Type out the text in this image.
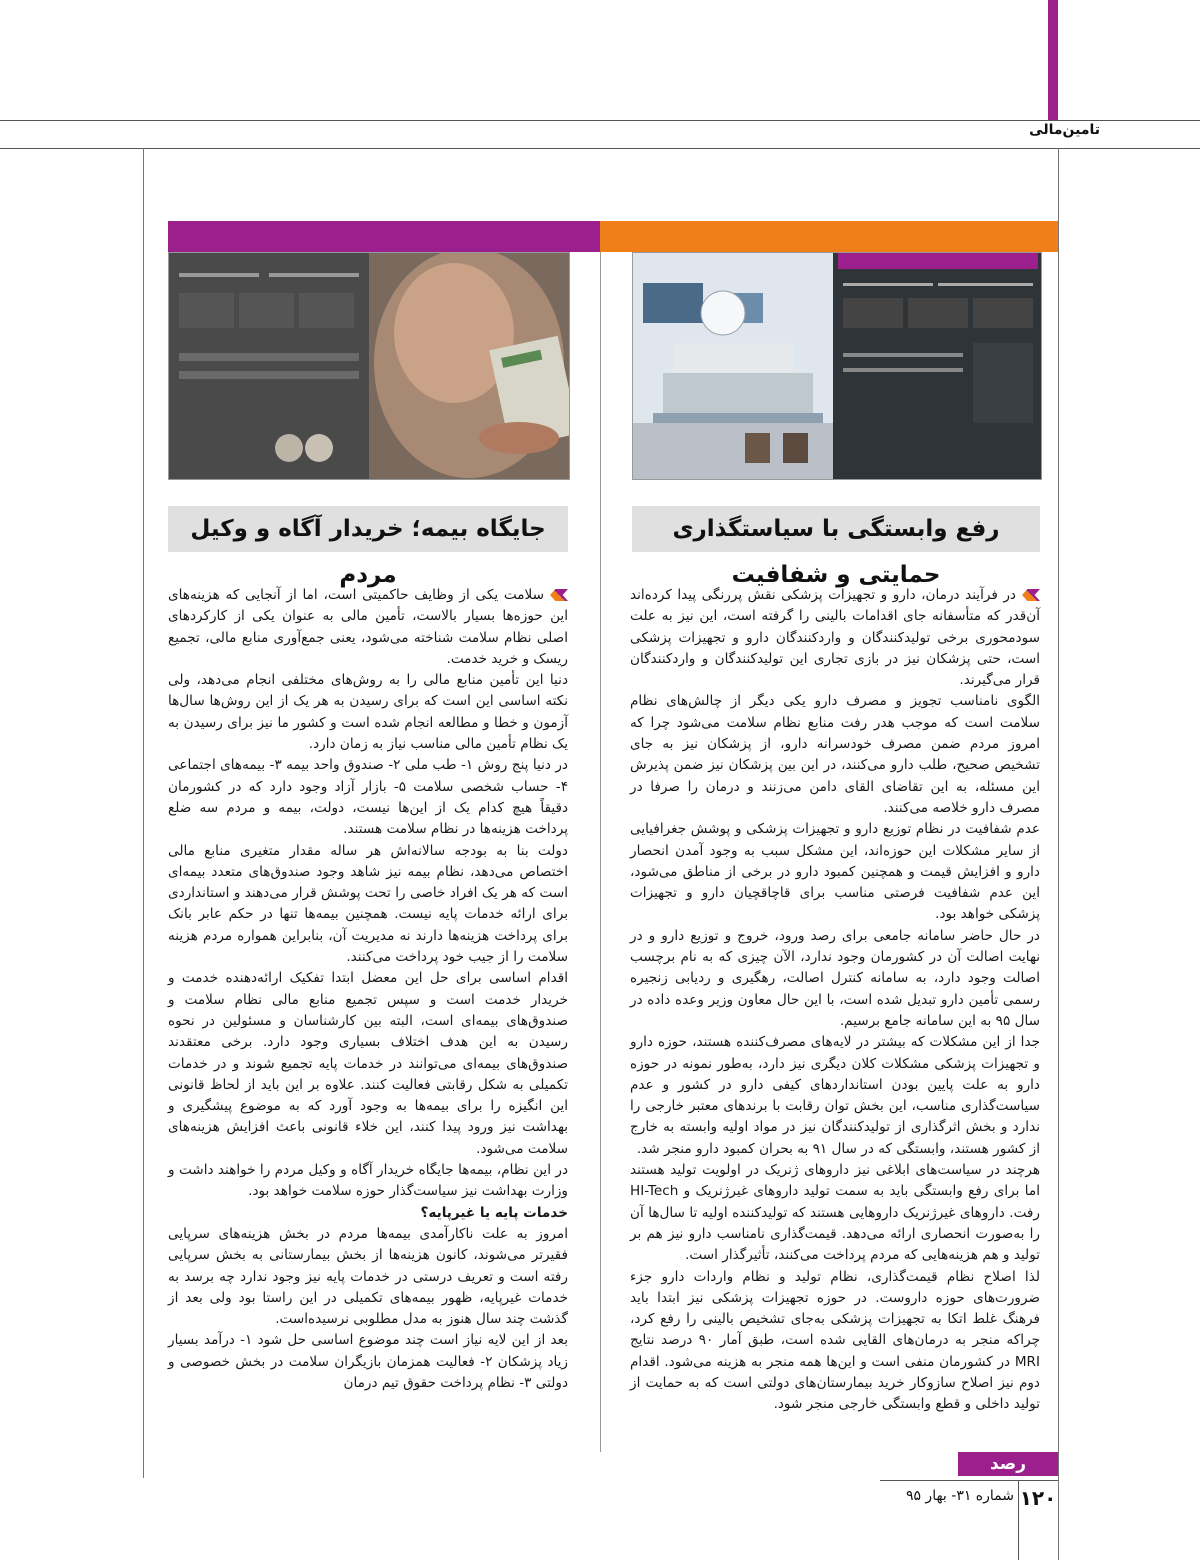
تامین‌مالی
رفع وابستگی با سیاستگذاری حمایتی و شفافیت
جایگاه بیمه؛ خریدار آگاه و وکیل مردم

در فرآیند درمان، دارو و تجهیزات پزشکی نقش پررنگی پیدا کرده‌اند آن‌قدر که متأسفانه جای اقدامات بالینی را گرفته است، این نیز به علت سودمحوری برخی تولیدکنندگان و واردکنندگان دارو و تجهیزات پزشکی است، حتی پزشکان نیز در بازی تجاری این تولیدکنندگان و واردکنندگان قرار می‌گیرند.

الگوی نامناسب تجویز و مصرف دارو یکی دیگر از چالش‌های نظام سلامت است که موجب هدر رفت منابع نظام سلامت می‌شود چرا که امروز مردم ضمن مصرف خودسرانه دارو، از پزشکان نیز به جای تشخیص صحیح، طلب دارو می‌کنند، در این بین پزشکان نیز ضمن پذیرش این مسئله، به این تقاضای القای دامن می‌زنند و درمان را صرفا در مصرف دارو خلاصه می‌کنند.

عدم شفافیت در نظام توزیع دارو و تجهیزات پزشکی و پوشش جغرافیایی از سایر مشکلات این حوزه‌اند، این مشکل سبب به وجود آمدن انحصار دارو و افزایش قیمت و همچنین کمبود دارو در برخی از مناطق می‌شود، این عدم شفافیت فرصتی مناسب برای قاچاقچیان دارو و تجهیزات پزشکی خواهد بود.

در حال حاضر سامانه جامعی برای رصد ورود، خروج و توزیع دارو و در نهایت اصالت آن در کشورمان وجود ندارد، الآن چیزی که به نام برچسب اصالت وجود دارد، به سامانه کنترل اصالت، رهگیری و ردیابی زنجیره رسمی تأمین دارو تبدیل شده است، با این حال معاون وزیر وعده داده در سال ۹۵ به این سامانه جامع برسیم.

جدا از این مشکلات که بیشتر در لایه‌های مصرف‌کننده هستند، حوزه دارو و تجهیزات پزشکی مشکلات کلان دیگری نیز دارد، به‌طور نمونه در حوزه دارو به علت پایین بودن استانداردهای کیفی دارو در کشور و عدم سیاست‌گذاری مناسب، این بخش توان رقابت با برندهای معتبر خارجی را ندارد و بخش اثرگذاری از تولیدکنندگان نیز در مواد اولیه وابسته به خارج از کشور هستند، وابستگی که در سال ۹۱ به بحران کمبود دارو منجر شد.

هرچند در سیاست‌های ابلاغی نیز داروهای ژنریک در اولویت تولید هستند اما برای رفع وابستگی باید به سمت تولید داروهای غیرژنریک و HI-Tech رفت. داروهای غیرژنریک داروهایی هستند که تولیدکننده اولیه تا سال‌ها آن را به‌صورت انحصاری ارائه می‌دهد. قیمت‌گذاری نامناسب دارو نیز هم بر تولید و هم هزینه‌هایی که مردم پرداخت می‌کنند، تأثیرگذار است.

لذا اصلاح نظام قیمت‌گذاری، نظام تولید و نظام واردات دارو جزء ضرورت‌های حوزه داروست. در حوزه تجهیزات پزشکی نیز ابتدا باید فرهنگ غلط اتکا به تجهیزات پزشکی به‌جای تشخیص بالینی را رفع کرد، چراکه منجر به درمان‌های القایی شده است، طبق آمار ۹۰ درصد نتایج MRI در کشورمان منفی است و این‌ها همه منجر به هزینه می‌شود. اقدام دوم نیز اصلاح سازوکار خرید بیمارستان‌های دولتی است که به حمایت از تولید داخلی و قطع وابستگی خارجی منجر شود.

سلامت یکی از وظایف حاکمیتی است، اما از آنجایی که هزینه‌های این حوزه‌ها بسیار بالاست، تأمین مالی به عنوان یکی از کارکردهای اصلی نظام سلامت شناخته می‌شود، یعنی جمع‌آوری منابع مالی، تجمیع ریسک و خرید خدمت.

دنیا این تأمین منابع مالی را به روش‌های مختلفی انجام می‌دهد، ولی نکته اساسی این است که برای رسیدن به هر یک از این روش‌ها سال‌ها آزمون و خطا و مطالعه انجام شده است و کشور ما نیز برای رسیدن به یک نظام تأمین مالی مناسب نیاز به زمان دارد.

در دنیا پنج روش ۱- طب ملی ۲- صندوق واحد بیمه ۳- بیمه‌های اجتماعی ۴- حساب شخصی سلامت ۵- بازار آزاد وجود دارد که در کشورمان دقیقاً هیچ کدام یک از این‌ها نیست، دولت، بیمه و مردم سه ضلع پرداخت هزینه‌ها در نظام سلامت هستند.

دولت بنا به بودجه سالانه‌اش هر ساله مقدار متغیری منابع مالی اختصاص می‌دهد، نظام بیمه نیز شاهد وجود صندوق‌های متعدد بیمه‌ای است که هر یک افراد خاصی را تحت پوشش قرار می‌دهند و استانداردی برای ارائه خدمات پایه نیست. همچنین بیمه‌ها تنها در حکم عابر بانک برای پرداخت هزینه‌ها دارند نه مدیریت آن، بنابراین همواره مردم هزینه سلامت را از جیب خود پرداخت می‌کنند.

اقدام اساسی برای حل این معضل ابتدا تفکیک ارائه‌دهنده خدمت و خریدار خدمت است و سپس تجمیع منابع مالی نظام سلامت و صندوق‌های بیمه‌ای است، البته بین کارشناسان و مسئولین در نحوه رسیدن به این هدف اختلاف بسیاری وجود دارد. برخی معتقدند صندوق‌های بیمه‌ای می‌توانند در خدمات پایه تجمیع شوند و در خدمات تکمیلی به شکل رقابتی فعالیت کنند. علاوه بر این باید از لحاظ قانونی این انگیزه را برای بیمه‌ها به وجود آورد که به موضوع پیشگیری و بهداشت نیز ورود پیدا کنند، این خلاء قانونی باعث افزایش هزینه‌های سلامت می‌شود.

در این نظام، بیمه‌ها جایگاه خریدار آگاه و وکیل مردم را خواهند داشت و وزارت بهداشت نیز سیاست‌گذار حوزه سلامت خواهد بود.

خدمات پایه یا غیرپایه؟

امروز به علت ناکارآمدی بیمه‌ها مردم در بخش هزینه‌های سرپایی فقیرتر می‌شوند، کانون هزینه‌ها از بخش بیمارستانی به بخش سرپایی رفته است و تعریف درستی در خدمات پایه نیز وجود ندارد چه برسد به خدمات غیرپایه، ظهور بیمه‌های تکمیلی در این راستا بود ولی بعد از گذشت چند سال هنوز به مدل مطلوبی نرسیده‌است.

بعد از این لایه نیاز است چند موضوع اساسی حل شود ۱- درآمد بسیار زیاد پزشکان ۲- فعالیت همزمان بازیگران سلامت در بخش خصوصی و دولتی ۳- نظام پرداخت حقوق تیم درمان

رصد
۱۲۰
شماره ۳۱- بهار ۹۵
